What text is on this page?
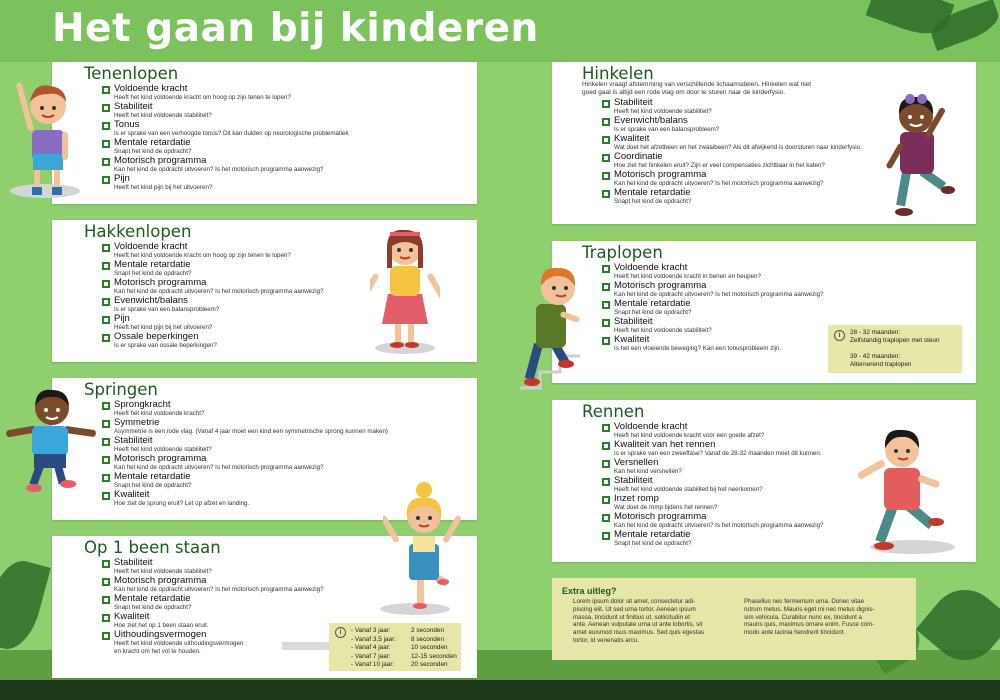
Het gaan bij kinderen
Tenenlopen
Voldoende kracht
Heeft het kind voldoende kracht om hoog op zijn tenen te lopen?
Stabiliteit
Heeft het kind voldoende stabiliteit?
Tonus
Is er sprake van een verhoogde tonus? Dit kan duiden op neurologische problematiek
Mentale retardatie
Snapt het kind de opdracht?
Motorisch programma
Kan het kind de opdracht uitvoeren? Is het motorisch programma aanwezig?
Pijn
Heeft het kind pijn bij het uitvoeren?
Hakkenlopen
Voldoende kracht
Heeft het kind voldoende kracht om hoog op zijn tenen te lopen?
Mentale retardatie
Snapt het kind de opdracht?
Motorisch programma
Kan het kind de opdracht uitvoeren? Is het motorisch programma aanwezig?
Evenwicht/balans
Is er sprake van een balansprobleem?
Pijn
Heeft het kind pijn bij het uitvoeren?
Ossale beperkingen
Is er sprake van ossale beperkingen?
Springen
Sprongkracht
Heeft het kind voldoende kracht?
Symmetrie
Asymmetrie is een rode vlag. (Vanaf 4 jaar moet een kind een symmetrische sprong kunnen maken)
Stabiliteit
Heeft het kind voldoende stabiliteit?
Motorisch programma
Kan het kind de opdracht uitvoeren? Is het motorisch programma aanwezig?
Mentale retardatie
Snapt het kind de opdracht?
Kwaliteit
Hoe ziet de sprong eruit? Let op afzet en landing.
Op 1 been staan
Stabiliteit
Heeft het kind voldoende stabiliteit?
Motorisch programma
Kan het kind de opdracht uitvoeren? Is het motorisch programma aanwezig?
Mentale retardatie
Snapt het kind de opdracht?
Kwaliteit
Hoe ziet het op 1 been staan eruit.
Uithoudingsvermogen
Heeft het kind voldoende uithoudingsvermogen
en kracht om het vol te houden.
i	- Vanaf 3 jaar:	2 seconden
- Vanaf 3,5 jaar:	8 seconden
- Vanaf 4 jaar:	10 seconden
- Vanaf 7 jaar:	12-15 seconden
- Vanaf 10 jaar:	20 seconden
Hinkelen
Hinkelen vraagt afstemming van verschillende lichaamsdelen. Hinkelen wat niet
goed gaat is altijd een rode vlag om door te sturen naar de kinderfysio.
Stabiliteit
Heeft het kind voldoende stabiliteit?
Evenwicht/balans
Is er sprake van een balansprobleem?
Kwaliteit
Wat doet het afzetbeen en het zwaaibeen? Als dit afwijkend is doorsturen naar kinderfysio.
Coordinatie
Hoe ziet het hinkelen eruit? Zijn er veel compensaties zichtbaar in het katen?
Motorisch programma
Kan het kind de opdracht uitvoeren? Is het motorisch programma aanwezig?
Mentale retardatie
Snapt het kind de opdracht?
Traplopen
Voldoende kracht
Heeft het kind voldoende kracht in benen en heupen?
Motorisch programma
Kan het kind de opdracht uitvoeren? Is het motorisch programma aanwezig?
Mentale retardatie
Snapt het kind de opdracht?
Stabiliteit
Heeft het kind voldoende stabiliteit?
Kwaliteit
Is het een vloeiende beweging? Kan een tonusprobleem zijn.
i	28 - 32 maanden:
Zelfstandig traplopen met steun
39 - 42 maanden:
Alternerend traplopen
Rennen
Voldoende kracht
Heeft het kind voldoende kracht voor een goede afzet?
Kwaliteit van het rennen
Is er sprake van een zweeffase? Vanaf de 28-32 maanden moet dit kunnen.
Versnellen
Kan het kind versnellen?
Stabiliteit
Heeft het kind voldoende stabiliteit bij het neerkomen?
Inzet romp
Wat doet de romp tijdens het rennen?
Motorisch programma
Kan het kind de opdracht uitvoeren? Is het motorisch programma aanwezig?
Mentale retardatie
Snapt het kind de opdracht?
Extra uitleg?
Lorem ipsum dolor sit amet, consectetur adi-
piscing elit. Ut sed urna tortor. Aenean ipsum
massa, tincidunt ut finibus ut, sollicitudin et
ante. Aenean vulputate urna ut ante lobortis, sit
amet euismod risus maximus. Sed quis egestas
tortor, id venenatis arcu.
Phasellus nec fermentum urna. Donec vitae
rutrum metus. Mauris eget mi nec metus dignis-
sim vehicula. Curabitur nunc ex, tincidunt a
mauris quis, maximus ornare enim. Fusce com-
modo ante lacinia hendrerit tincidunt.
